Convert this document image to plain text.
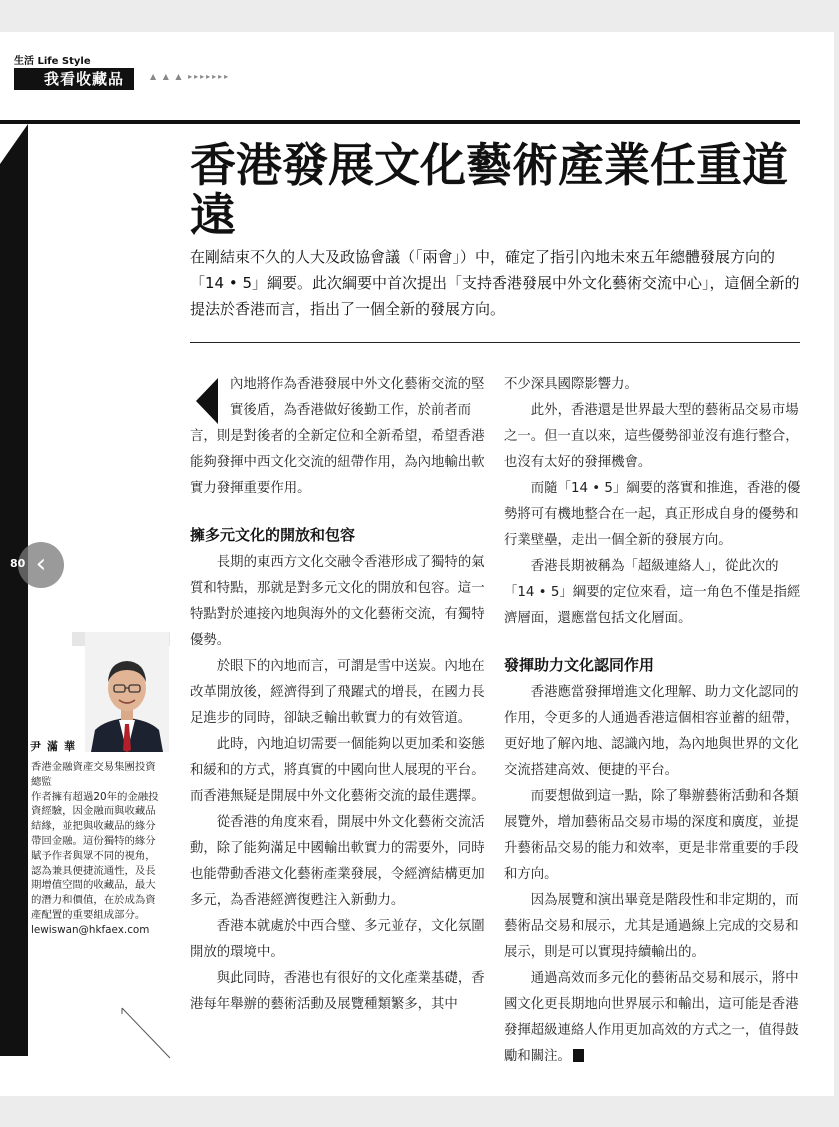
生活 Life Style
我看收藏品	▲ ▲ ▲ ▸▸▸▸▸▸▸
香港發展文化藝術產業任重道遠

在剛結束不久的人大及政協會議（「兩會」）中，確定了指引內地未來五年總體發展方向的「14 • 5」綱要。此次綱要中首次提出「支持香港發展中外文化藝術交流中心」，這個全新的提法於香港而言，指出了一個全新的發展方向。

內地將作為香港發展中外文化藝術交流的堅實後盾，為香港做好後勤工作，於前者而言，則是對後者的全新定位和全新希望，希望香港能夠發揮中西文化交流的紐帶作用，為內地輸出軟實力發揮重要作用。

擁多元文化的開放和包容

長期的東西方文化交融令香港形成了獨特的氣質和特點，那就是對多元文化的開放和包容。這一特點對於連接內地與海外的文化藝術交流，有獨特優勢。

於眼下的內地而言，可謂是雪中送炭。內地在改革開放後，經濟得到了飛躍式的增長，在國力長足進步的同時，卻缺乏輸出軟實力的有效管道。

此時，內地迫切需要一個能夠以更加柔和姿態和緩和的方式，將真實的中國向世人展現的平台。而香港無疑是開展中外文化藝術交流的最佳選擇。

從香港的角度來看，開展中外文化藝術交流活動，除了能夠滿足中國輸出軟實力的需要外，同時也能帶動香港文化藝術產業發展，令經濟結構更加多元，為香港經濟復甦注入新動力。

香港本就處於中西合璧、多元並存，文化氛圍開放的環境中。

與此同時，香港也有很好的文化產業基礎，香港每年舉辦的藝術活動及展覽種類繁多，其中

不少深具國際影響力。

此外，香港還是世界最大型的藝術品交易市場之一。但一直以來，這些優勢卻並沒有進行整合，也沒有太好的發揮機會。

而隨「14 • 5」綱要的落實和推進，香港的優勢將可有機地整合在一起，真正形成自身的優勢和行業壁壘，走出一個全新的發展方向。

香港長期被稱為「超級連絡人」，從此次的「14 • 5」綱要的定位來看，這一角色不僅是指經濟層面，還應當包括文化層面。

發揮助力文化認同作用

香港應當發揮增進文化理解、助力文化認同的作用，令更多的人通過香港這個相容並蓄的紐帶，更好地了解內地、認識內地，為內地與世界的文化交流搭建高效、便捷的平台。

而要想做到這一點，除了舉辦藝術活動和各類展覽外，增加藝術品交易市場的深度和廣度，並提升藝術品交易的能力和效率，更是非常重要的手段和方向。

因為展覽和演出畢竟是階段性和非定期的，而藝術品交易和展示，尤其是通過線上完成的交易和展示，則是可以實現持續輸出的。

通過高效而多元化的藝術品交易和展示，將中國文化更長期地向世界展示和輸出，這可能是香港發揮超級連絡人作用更加高效的方式之一，值得鼓勵和關注。

尹滿華

香港金融資產交易集團投資總監
作者擁有超過20年的金融投資經驗，因金融而與收藏品結緣，並把與收藏品的緣分帶回金融。這份獨特的緣分賦予作者與眾不同的視角，認為兼具便捷流通性，及長期增值空間的收藏品，最大的潛力和價值，在於成為資產配置的重要組成部分。
lewiswan@hkfaex.com

‹
80
